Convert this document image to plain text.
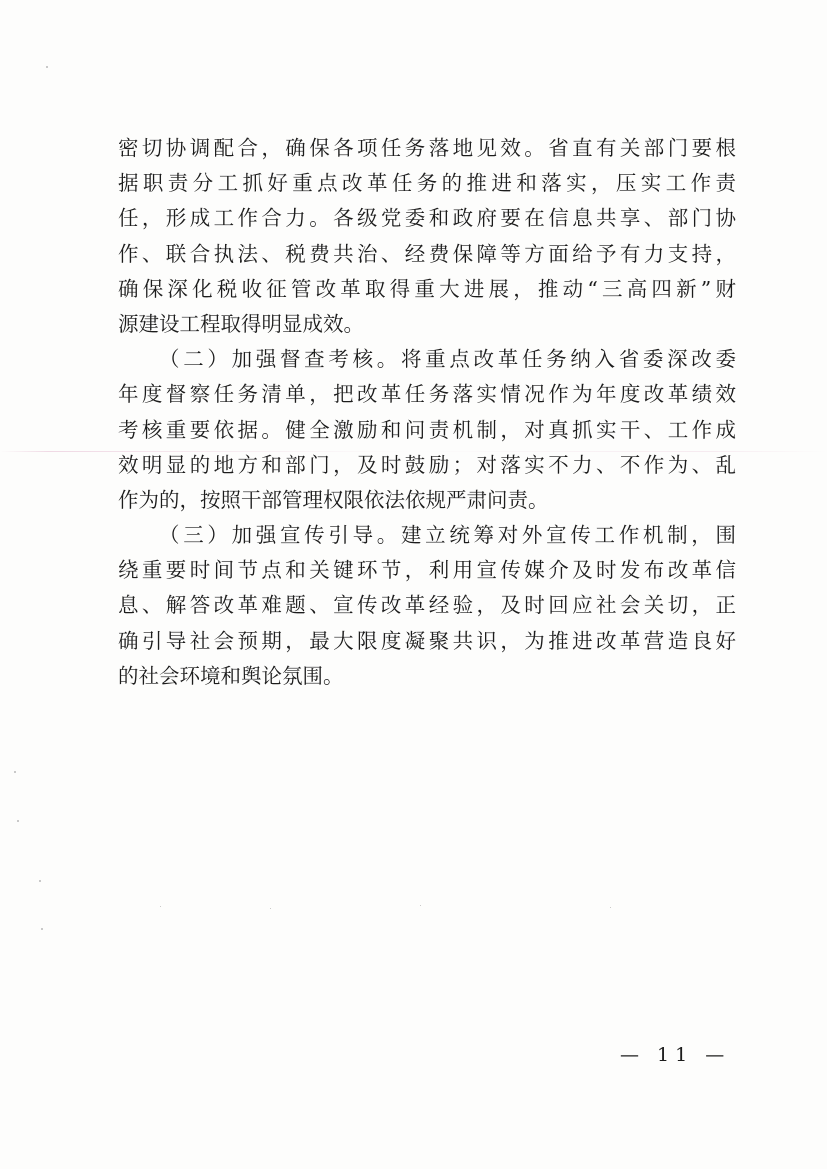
密切协调配合，确保各项任务落地见效。省直有关部门要根
据职责分工抓好重点改革任务的推进和落实，压实工作责
任，形成工作合力。各级党委和政府要在信息共享、部门协
作、联合执法、税费共治、经费保障等方面给予有力支持，
确保深化税收征管改革取得重大进展，推动“三高四新”财
源建设工程取得明显成效。
（二）加强督查考核。将重点改革任务纳入省委深改委
年度督察任务清单，把改革任务落实情况作为年度改革绩效
考核重要依据。健全激励和问责机制，对真抓实干、工作成
效明显的地方和部门，及时鼓励；对落实不力、不作为、乱
作为的，按照干部管理权限依法依规严肃问责。
（三）加强宣传引导。建立统筹对外宣传工作机制，围
绕重要时间节点和关键环节，利用宣传媒介及时发布改革信
息、解答改革难题、宣传改革经验，及时回应社会关切，正
确引导社会预期，最大限度凝聚共识，为推进改革营造良好
的社会环境和舆论氛围。
— 11 —
